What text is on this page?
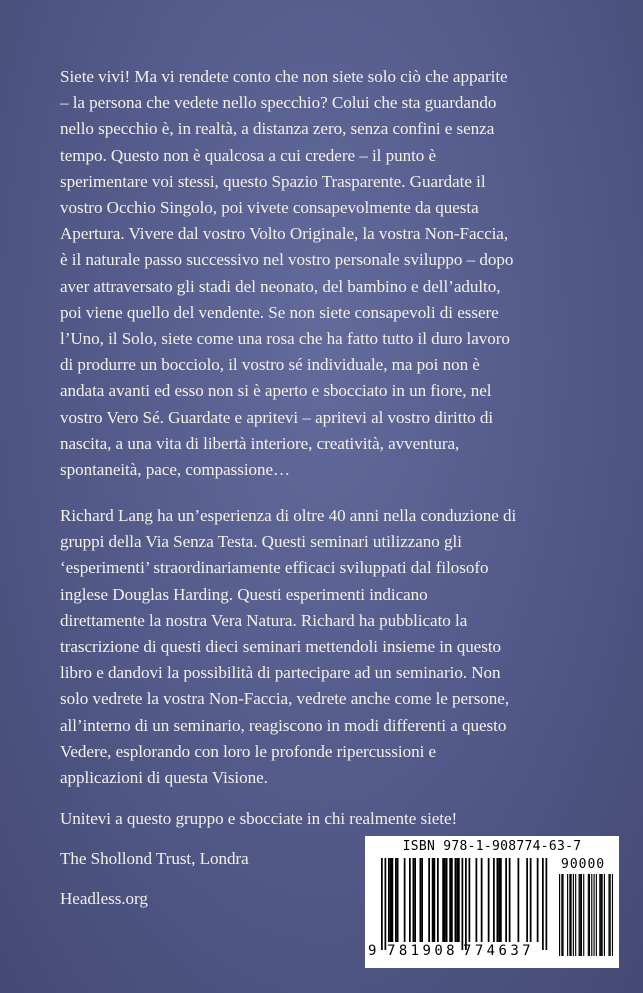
Siete vivi! Ma vi rendete conto che non siete solo ciò che apparite
– la persona che vedete nello specchio? Colui che sta guardando
nello specchio è, in realtà, a distanza zero, senza confini e senza
tempo. Questo non è qualcosa a cui credere – il punto è
sperimentare voi stessi, questo Spazio Trasparente. Guardate il
vostro Occhio Singolo, poi vivete consapevolmente da questa
Apertura. Vivere dal vostro Volto Originale, la vostra Non-Faccia,
è il naturale passo successivo nel vostro personale sviluppo – dopo
aver attraversato gli stadi del neonato, del bambino e dell’adulto,
poi viene quello del vendente. Se non siete consapevoli di essere
l’Uno, il Solo, siete come una rosa che ha fatto tutto il duro lavoro
di produrre un bocciolo, il vostro sé individuale, ma poi non è
andata avanti ed esso non si è aperto e sbocciato in un fiore, nel
vostro Vero Sé. Guardate e apritevi – apritevi al vostro diritto di
nascita, a una vita di libertà interiore, creatività, avventura,
spontaneità, pace, compassione…

Richard Lang ha un’esperienza di oltre 40 anni nella conduzione di
gruppi della Via Senza Testa. Questi seminari utilizzano gli
‘esperimenti’ straordinariamente efficaci sviluppati dal filosofo
inglese Douglas Harding. Questi esperimenti indicano
direttamente la nostra Vera Natura. Richard ha pubblicato la
trascrizione di questi dieci seminari mettendoli insieme in questo
libro e dandovi la possibilità di partecipare ad un seminario. Non
solo vedrete la vostra Non-Faccia, vedrete anche come le persone,
all’interno di un seminario, reagiscono in modi differenti a questo
Vedere, esplorando con loro le profonde ripercussioni e
applicazioni di questa Visione.

Unitevi a questo gruppo e sbocciate in chi realmente siete!

The Shollond Trust, Londra

Headless.org

ISBN 978-1-908774-63-7
90000
9 781908 774637
